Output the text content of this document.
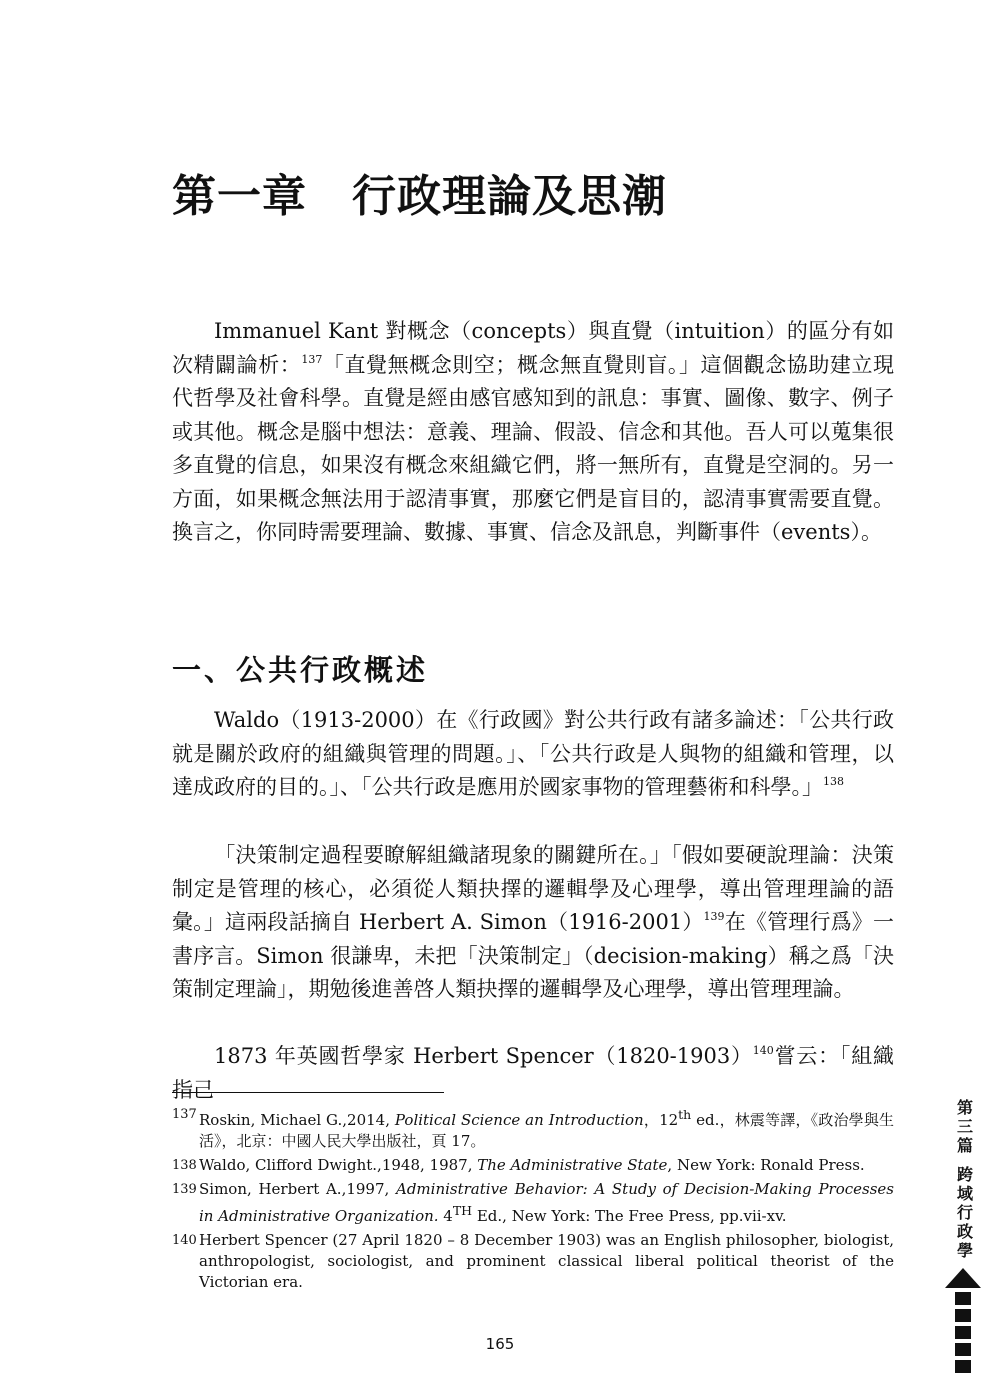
第一章　行政理論及思潮

Immanuel Kant 對概念（concepts）與直覺（intuition）的區分有如次精闢論析：$^{137}$「直覺無概念則空；概念無直覺則盲。」這個觀念協助建立現代哲學及社會科學。直覺是經由感官感知到的訊息：事實、圖像、數字、例子或其他。概念是腦中想法：意義、理論、假設、信念和其他。吾人可以蒐集很多直覺的信息，如果沒有概念來組織它們，將一無所有，直覺是空洞的。另一方面，如果概念無法用于認清事實，那麼它們是盲目的，認清事實需要直覺。換言之，你同時需要理論、數據、事實、信念及訊息，判斷事件（events）。

一、公共行政概述

Waldo（1913-2000）在《行政國》對公共行政有諸多論述：「公共行政就是關於政府的組織與管理的問題。」、「公共行政是人與物的組織和管理，以達成政府的目的。」、「公共行政是應用於國家事物的管理藝術和科學。」$^{138}$

「決策制定過程要瞭解組織諸現象的關鍵所在。」「假如要硬說理論：決策制定是管理的核心，必須從人類抉擇的邏輯學及心理學，導出管理理論的語彙。」這兩段話摘自 Herbert A. Simon（1916-2001）$^{139}$在《管理行爲》一書序言。Simon 很謙卑，未把「決策制定」（decision-making）稱之爲「決策制定理論」，期勉後進善啓人類抉擇的邏輯學及心理學，導出管理理論。

1873 年英國哲學家 Herbert Spencer（1820-1903）$^{140}$嘗云：「組織指己

137 Roskin, Michael G.,2014, Political Science an Introduction，12th ed.，林震等譯，《政治學與生活》，北京：中國人民大學出版社，頁 17。

138 Waldo, Clifford Dwight.,1948, 1987, The Administrative State, New York: Ronald Press.

139 Simon, Herbert A.,1997, Administrative Behavior: A Study of Decision-Making Processes in Administrative Organization. 4TH Ed., New York: The Free Press, pp.vii-xv.

140 Herbert Spencer (27 April 1820 – 8 December 1903) was an English philosopher, biologist, anthropologist, sociologist, and prominent classical liberal political theorist of the Victorian era.

165
第
三
篇
跨
域
行
政
學
